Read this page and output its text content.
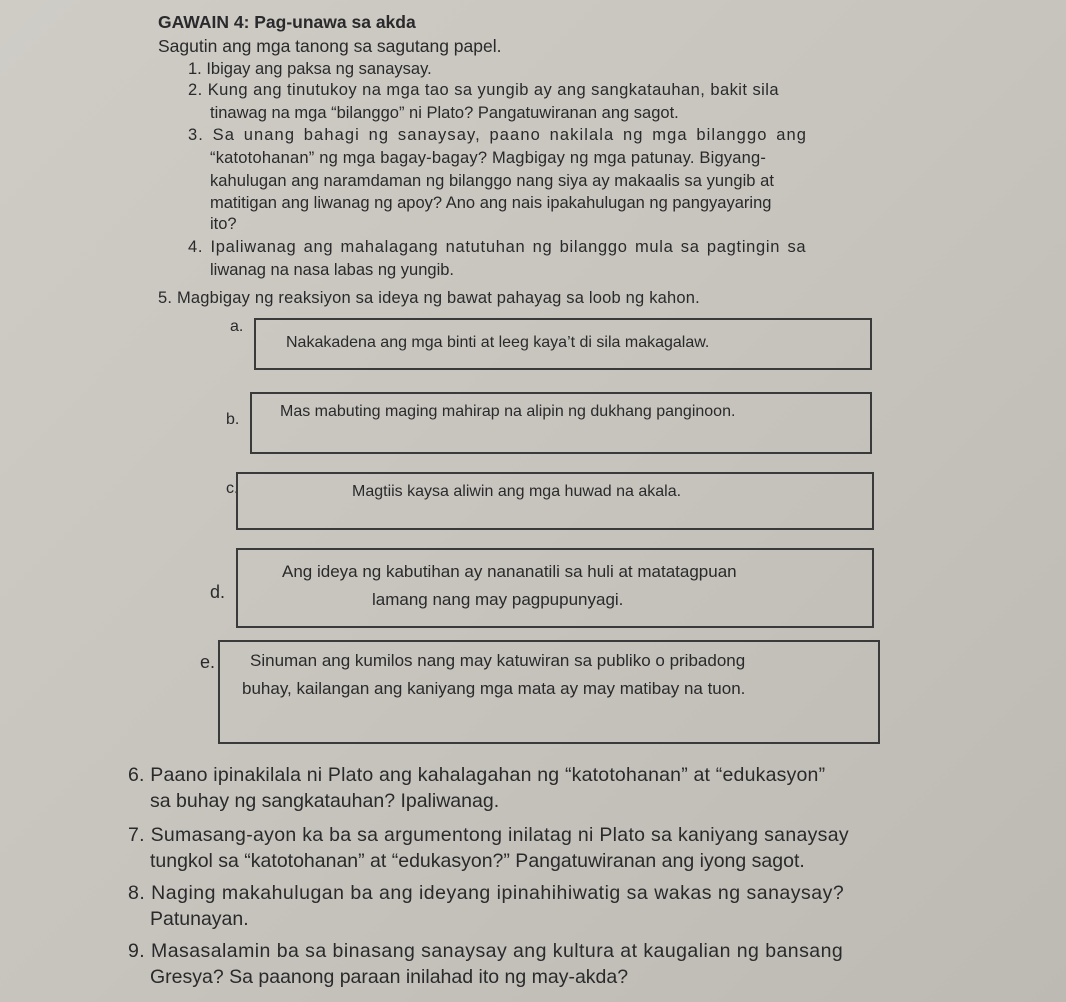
GAWAIN 4: Pag-unawa sa akda
Sagutin ang mga tanong sa sagutang papel.
1. Ibigay ang paksa ng sanaysay.
2. Kung ang tinutukoy na mga tao sa yungib ay ang sangkatauhan, bakit sila
tinawag na mga “bilanggo” ni Plato? Pangatuwiranan ang sagot.
3. Sa unang bahagi ng sanaysay, paano nakilala ng mga bilanggo ang
“katotohanan” ng mga bagay-bagay? Magbigay ng mga patunay. Bigyang-
kahulugan ang naramdaman ng bilanggo nang siya ay makaalis sa yungib at
matitigan ang liwanag ng apoy? Ano ang nais ipakahulugan ng pangyayaring
ito?
4. Ipaliwanag ang mahalagang natutuhan ng bilanggo mula sa pagtingin sa
liwanag na nasa labas ng yungib.
5. Magbigay ng reaksiyon sa ideya ng bawat pahayag sa loob ng kahon.
a.
Nakakadena ang mga binti at leeg kaya’t di sila makagalaw.
b.	Mas mabuting maging mahirap na alipin ng dukhang panginoon.
c.	Magtiis kaysa aliwin ang mga huwad na akala.
d.
Ang ideya ng kabutihan ay nananatili sa huli at matatagpuan
lamang nang may pagpupunyagi.
e. Sinuman ang kumilos nang may katuwiran sa publiko o pribadong
buhay, kailangan ang kaniyang mga mata ay may matibay na tuon.
6. Paano ipinakilala ni Plato ang kahalagahan ng “katotohanan” at “edukasyon”
sa buhay ng sangkatauhan? Ipaliwanag.
7. Sumasang-ayon ka ba sa argumentong inilatag ni Plato sa kaniyang sanaysay
tungkol sa “katotohanan” at “edukasyon?” Pangatuwiranan ang iyong sagot.
8. Naging makahulugan ba ang ideyang ipinahihiwatig sa wakas ng sanaysay?
Patunayan.
9. Masasalamin ba sa binasang sanaysay ang kultura at kaugalian ng bansang
Gresya? Sa paanong paraan inilahad ito ng may-akda?
